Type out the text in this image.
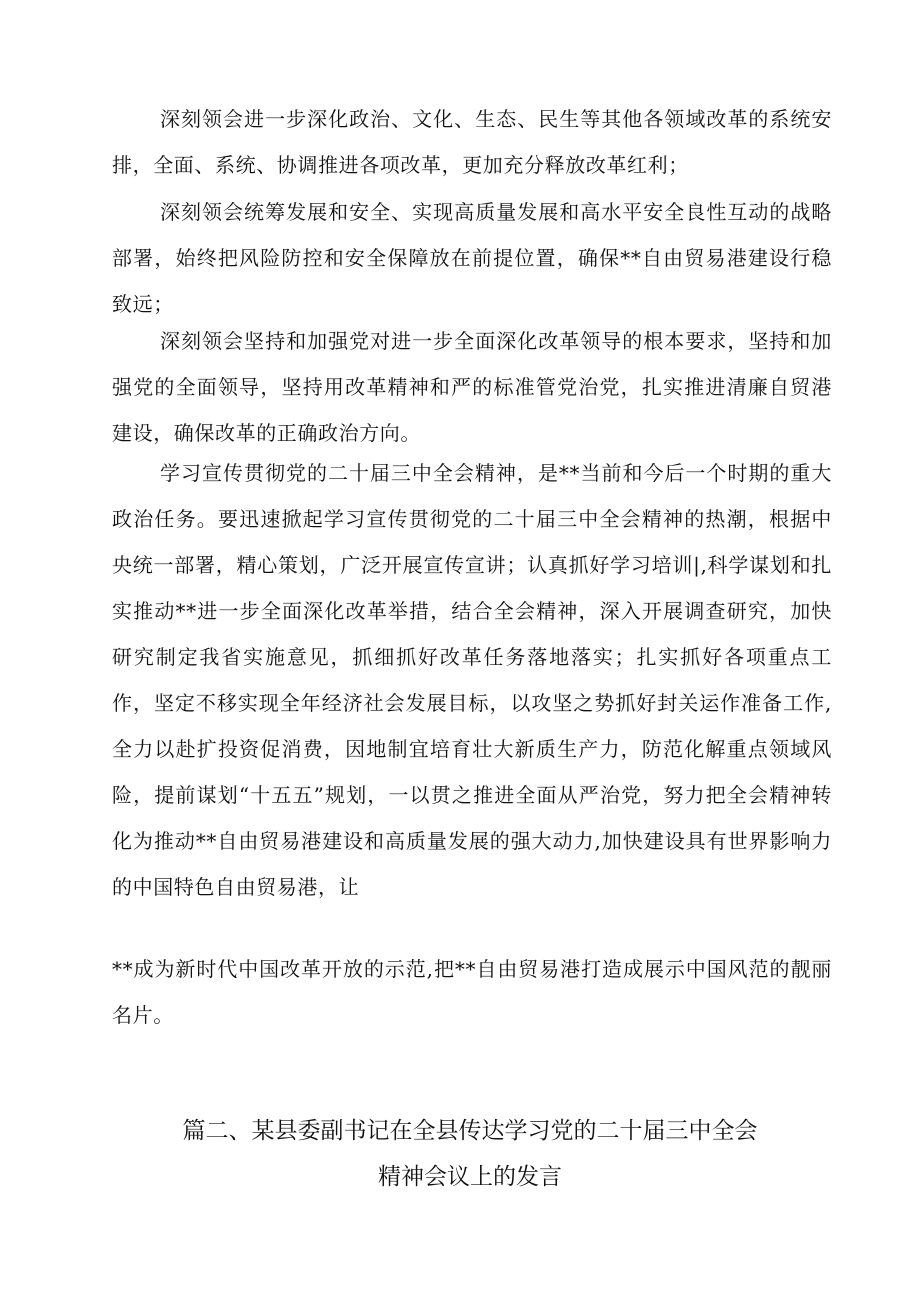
深刻领会进一步深化政治、文化、生态、民生等其他各领域改革的系统安排，全面、系统、协调推进各项改革，更加充分释放改革红利；

深刻领会统筹发展和安全、实现高质量发展和高水平安全良性互动的战略部署，始终把风险防控和安全保障放在前提位置，确保**自由贸易港建设行稳致远；

深刻领会坚持和加强党对进一步全面深化改革领导的根本要求，坚持和加强党的全面领导，坚持用改革精神和严的标准管党治党，扎实推进清廉自贸港建设，确保改革的正确政治方向。

学习宣传贯彻党的二十届三中全会精神，是**当前和今后一个时期的重大政治任务。要迅速掀起学习宣传贯彻党的二十届三中全会精神的热潮，根据中央统一部署，精心策划，广泛开展宣传宣讲；认真抓好学习培训|,科学谋划和扎实推动**进一步全面深化改革举措，结合全会精神，深入开展调查研究，加快研究制定我省实施意见，抓细抓好改革任务落地落实；扎实抓好各项重点工作，坚定不移实现全年经济社会发展目标，以攻坚之势抓好封关运作准备工作,全力以赴扩投资促消费，因地制宜培育壮大新质生产力，防范化解重点领域风险，提前谋划“十五五”规划，一以贯之推进全面从严治党，努力把全会精神转化为推动**自由贸易港建设和高质量发展的强大动力,加快建设具有世界影响力的中国特色自由贸易港，让

**成为新时代中国改革开放的示范,把**自由贸易港打造成展示中国风范的靓丽名片。

篇二、某县委副书记在全县传达学习党的二十届三中全会
精神会议上的发言
